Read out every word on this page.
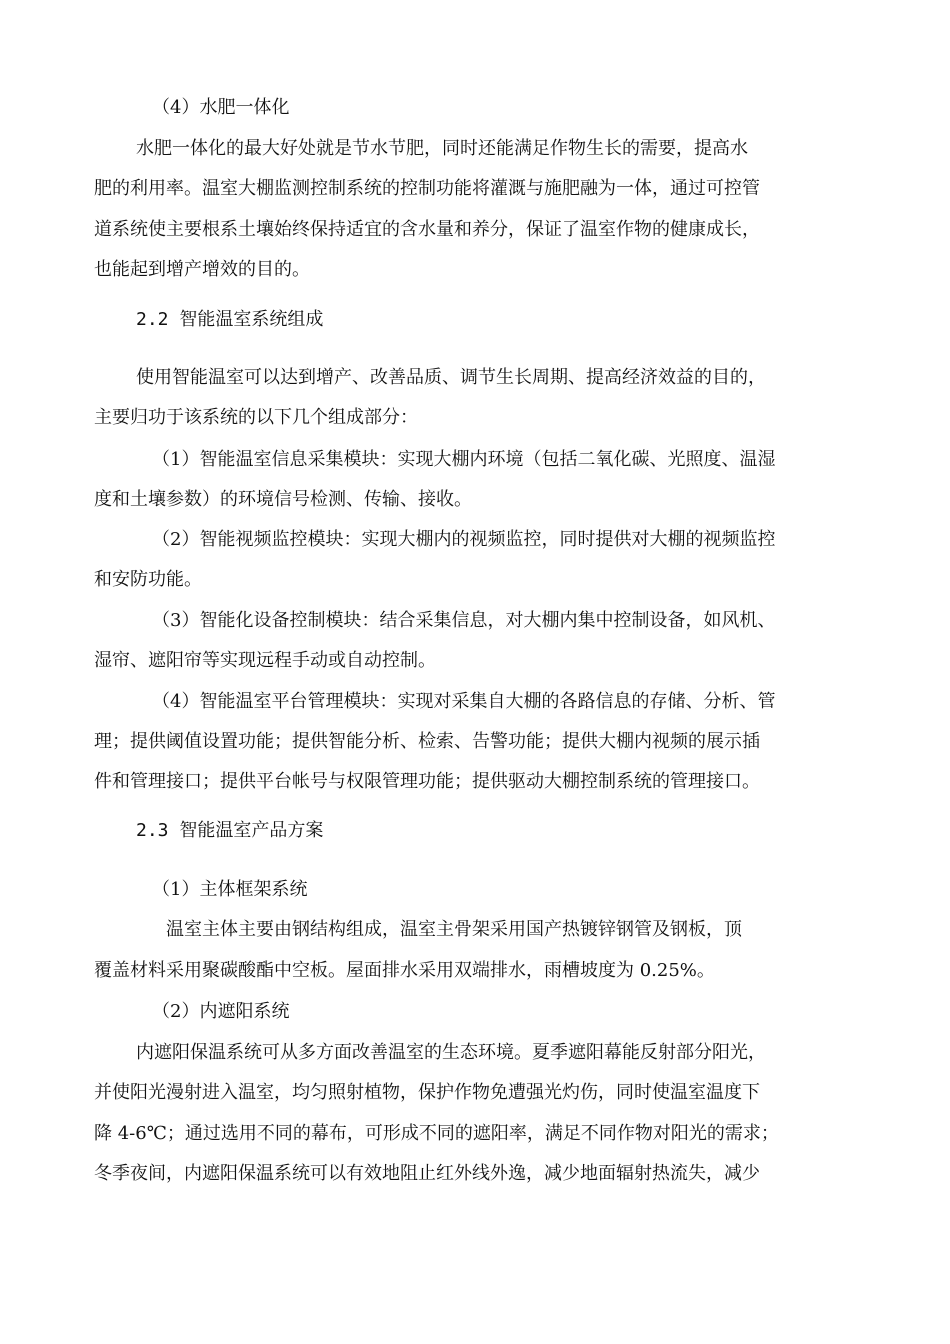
（4）水肥一体化
水肥一体化的最大好处就是节水节肥，同时还能满足作物生长的需要，提高水
肥的利用率。温室大棚监测控制系统的控制功能将灌溉与施肥融为一体，通过可控管
道系统使主要根系土壤始终保持适宜的含水量和养分，保证了温室作物的健康成长，
也能起到增产增效的目的。
2.2 智能温室系统组成
使用智能温室可以达到增产、改善品质、调节生长周期、提高经济效益的目的，
主要归功于该系统的以下几个组成部分：
（1）智能温室信息采集模块：实现大棚内环境（包括二氧化碳、光照度、温湿
度和土壤参数）的环境信号检测、传输、接收。
（2）智能视频监控模块：实现大棚内的视频监控，同时提供对大棚的视频监控
和安防功能。
（3）智能化设备控制模块：结合采集信息，对大棚内集中控制设备，如风机、
湿帘、遮阳帘等实现远程手动或自动控制。
（4）智能温室平台管理模块：实现对采集自大棚的各路信息的存储、分析、管
理；提供阈值设置功能；提供智能分析、检索、告警功能；提供大棚内视频的展示插
件和管理接口；提供平台帐号与权限管理功能；提供驱动大棚控制系统的管理接口。
2.3 智能温室产品方案
（1）主体框架系统
温室主体主要由钢结构组成，温室主骨架采用国产热镀锌钢管及钢板，顶
覆盖材料采用聚碳酸酯中空板。屋面排水采用双端排水，雨槽坡度为 0.25%。
（2）内遮阳系统
内遮阳保温系统可从多方面改善温室的生态环境。夏季遮阳幕能反射部分阳光，
并使阳光漫射进入温室，均匀照射植物，保护作物免遭强光灼伤，同时使温室温度下
降 4-6℃；通过选用不同的幕布，可形成不同的遮阳率，满足不同作物对阳光的需求；
冬季夜间，内遮阳保温系统可以有效地阻止红外线外逸，减少地面辐射热流失，减少
